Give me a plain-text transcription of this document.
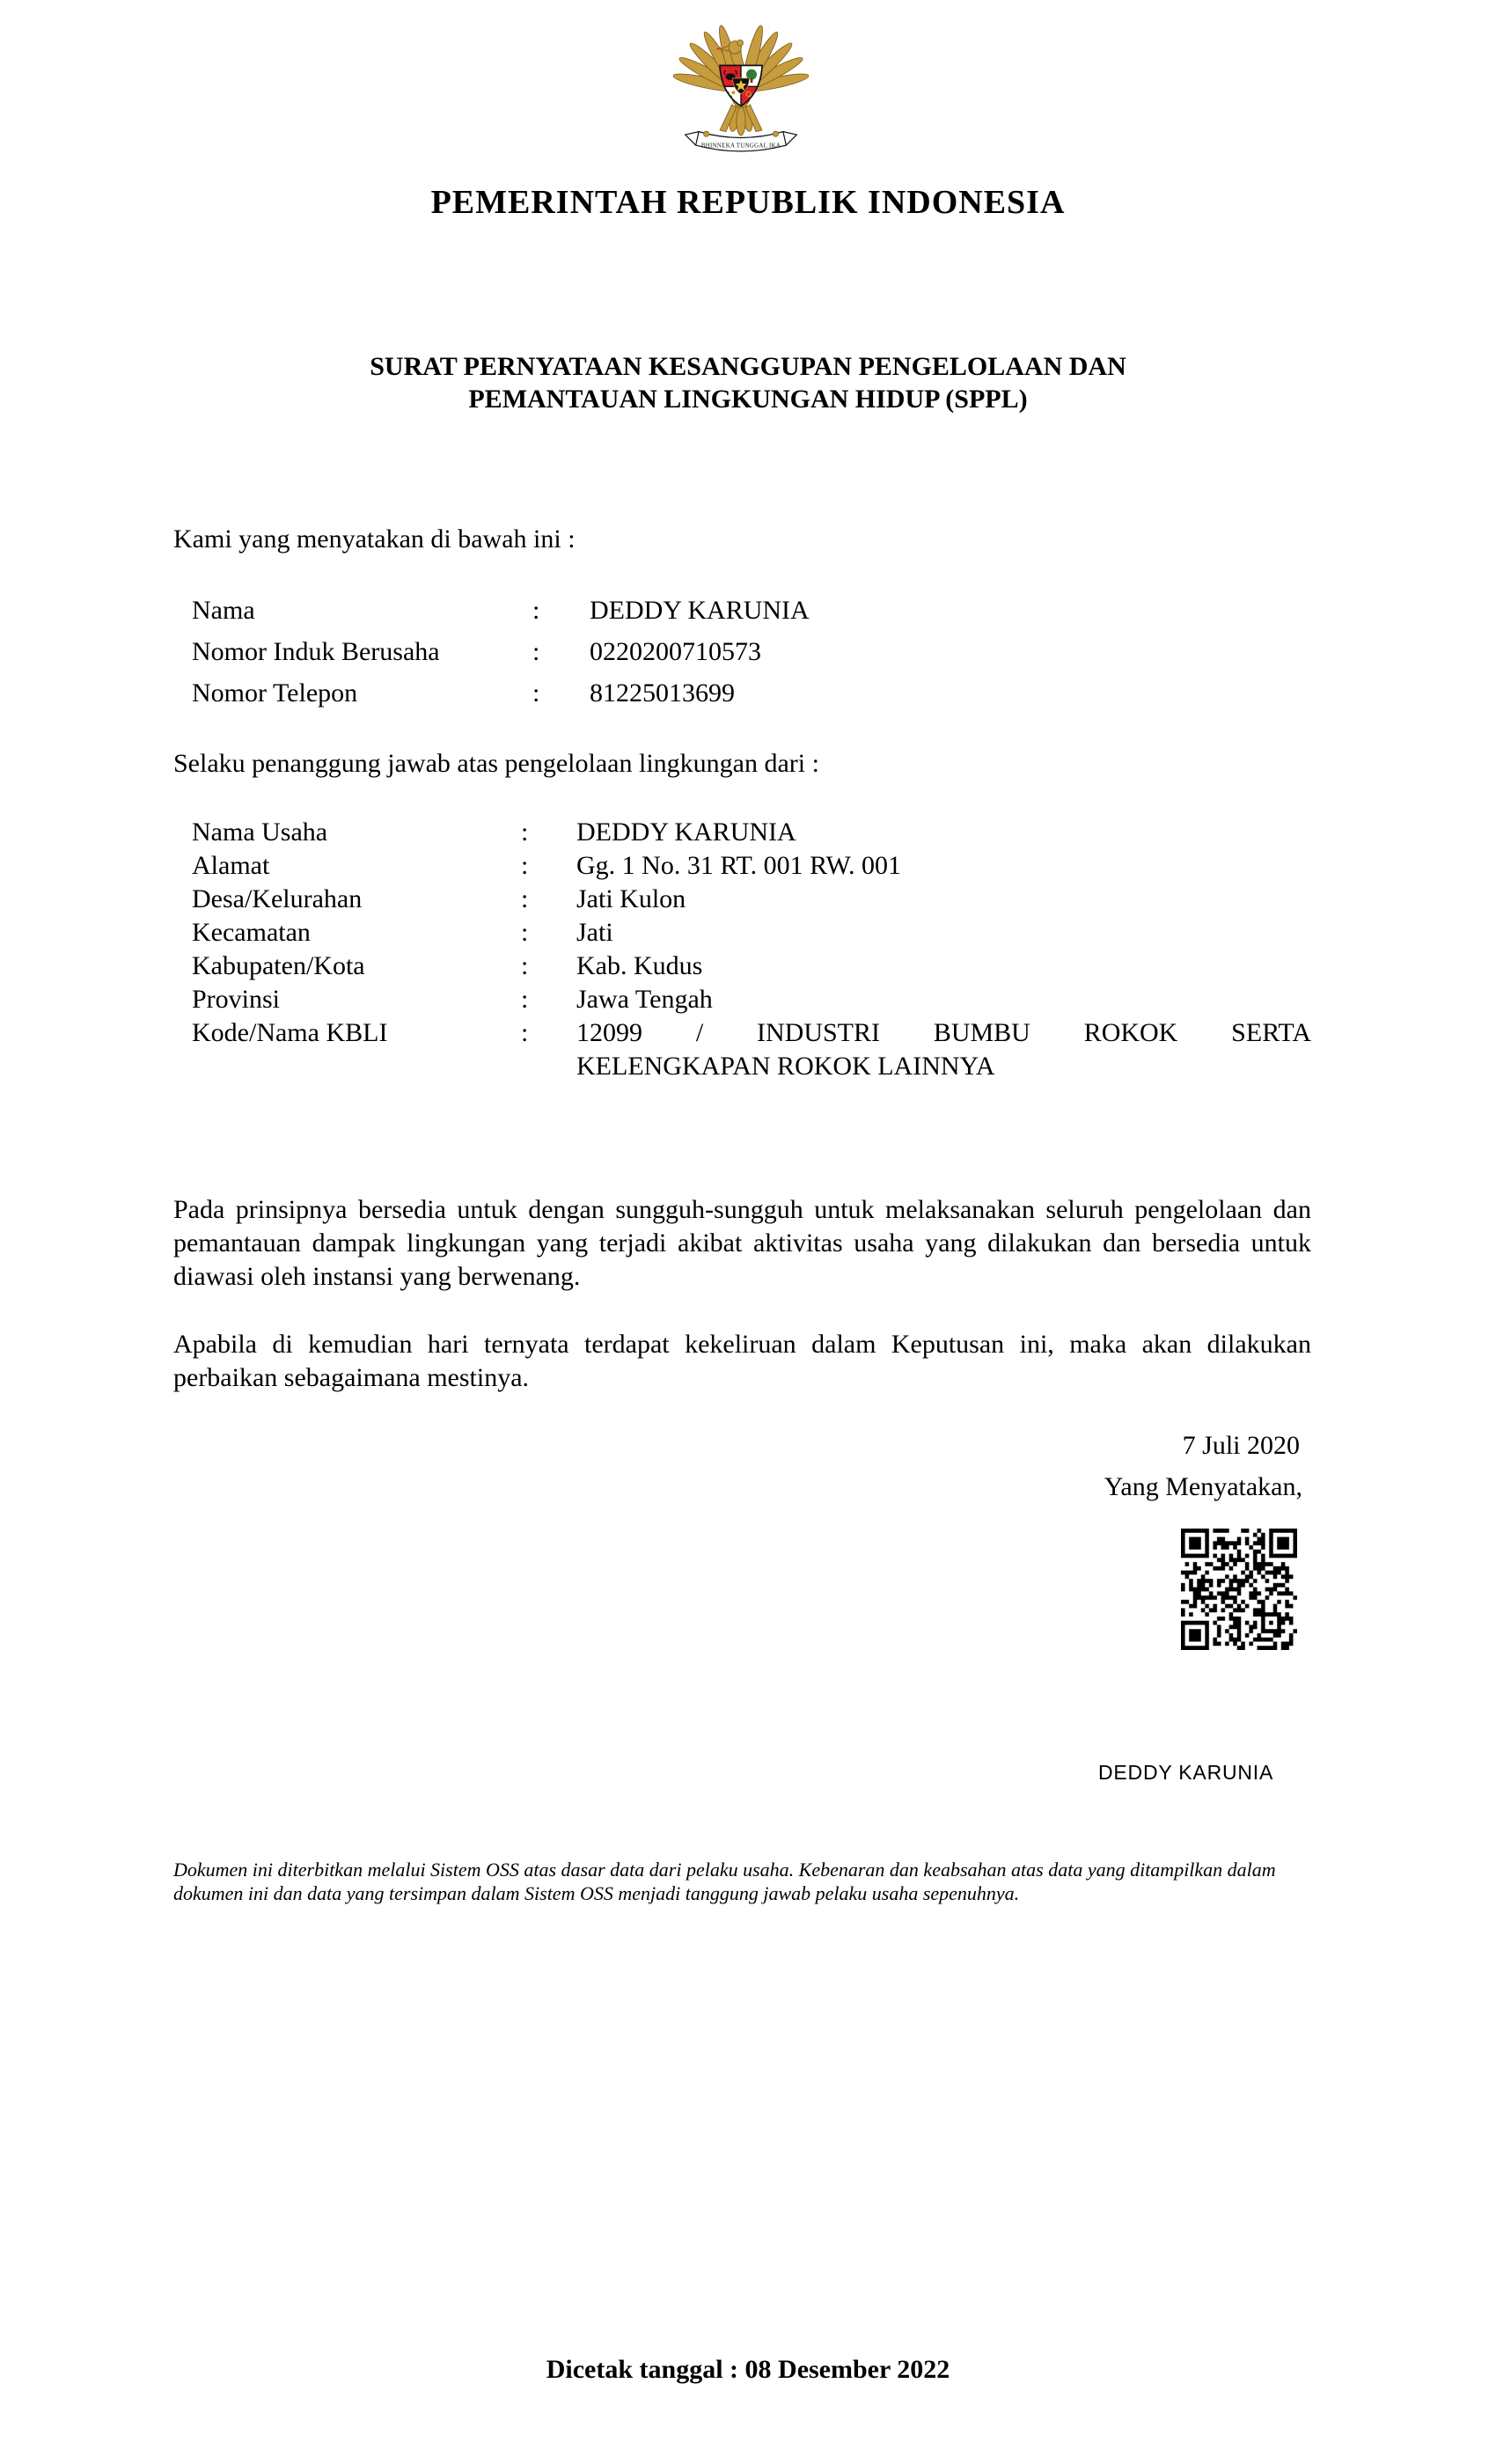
BHINNEKA TUNGGAL IKA
PEMERINTAH REPUBLIK INDONESIA
SURAT PERNYATAAN KESANGGUPAN PENGELOLAAN DAN
PEMANTAUAN LINGKUNGAN HIDUP (SPPL)
Kami yang menyatakan di bawah ini :
Nama	: DEDDY KARUNIA
Nomor Induk Berusaha	: 0220200710573
Nomor Telepon	: 81225013699
Selaku penanggung jawab atas pengelolaan lingkungan dari :
Nama Usaha	: DEDDY KARUNIA
Alamat	: Gg. 1 No. 31 RT. 001 RW. 001
Desa/Kelurahan	: Jati Kulon
Kecamatan	: Jati
Kabupaten/Kota	: Kab. Kudus
Provinsi	: Jawa Tengah
Kode/Nama KBLI	: 12099 / INDUSTRI BUMBU ROKOK SERTA
KELENGKAPAN ROKOK LAINNYA
Pada prinsipnya bersedia untuk dengan sungguh-sungguh untuk melaksanakan seluruh pengelolaan dan
pemantauan dampak lingkungan yang terjadi akibat aktivitas usaha yang dilakukan dan bersedia untuk
diawasi oleh instansi yang berwenang.
Apabila di kemudian hari ternyata terdapat kekeliruan dalam Keputusan ini, maka akan dilakukan
perbaikan sebagaimana mestinya.
7 Juli 2020
Yang Menyatakan,
DEDDY KARUNIA
Dokumen ini diterbitkan melalui Sistem OSS atas dasar data dari pelaku usaha. Kebenaran dan keabsahan atas data yang ditampilkan dalam
dokumen ini dan data yang tersimpan dalam Sistem OSS menjadi tanggung jawab pelaku usaha sepenuhnya.
Dicetak tanggal : 08 Desember 2022
